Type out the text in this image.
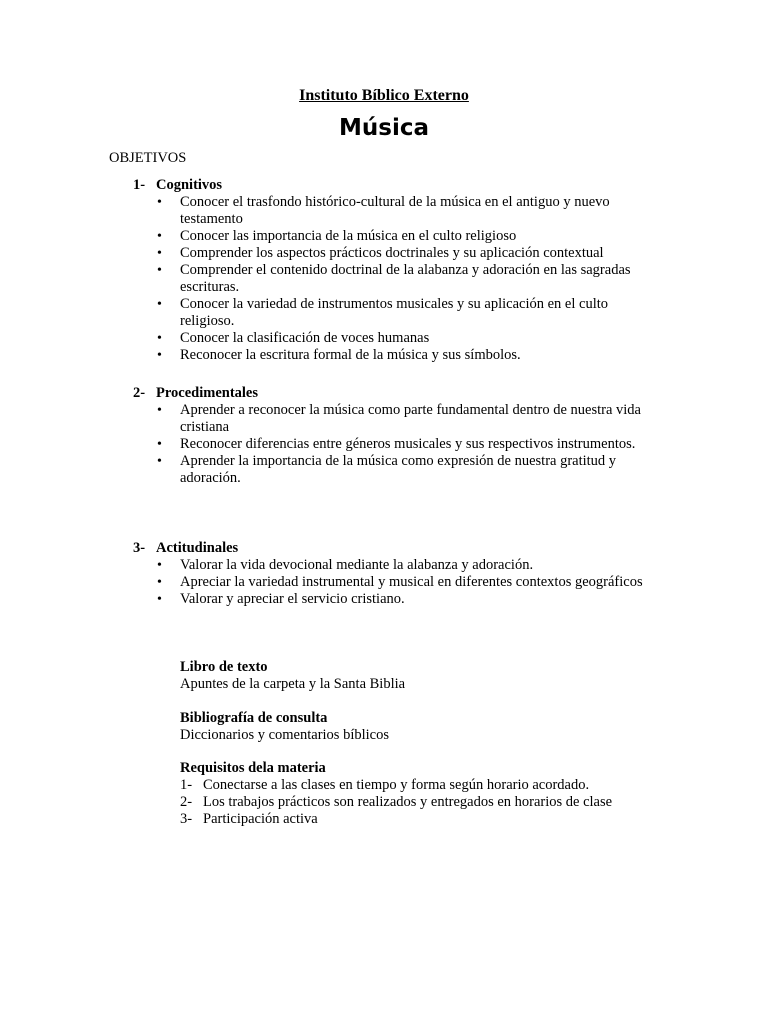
Instituto Bíblico Externo
Música
OBJETIVOS
1- Cognitivos
• Conocer el trasfondo histórico-cultural de la música en el antiguo y nuevo testamento
• Conocer las importancia de la música en el culto religioso
• Comprender los aspectos prácticos doctrinales y su aplicación contextual
• Comprender el contenido doctrinal de la alabanza y adoración en las sagradas escrituras.
• Conocer la variedad de instrumentos musicales y su aplicación en el culto religioso.
• Conocer la clasificación de voces humanas
• Reconocer la escritura formal de la música y sus símbolos.
2- Procedimentales
• Aprender a reconocer la música como parte fundamental dentro de nuestra vida cristiana
• Reconocer diferencias entre géneros musicales y sus respectivos instrumentos.
• Aprender la importancia de la música como expresión de nuestra gratitud y adoración.
3- Actitudinales
• Valorar la vida devocional mediante la alabanza y adoración.
• Apreciar la variedad instrumental y musical en diferentes contextos geográficos
• Valorar y apreciar el servicio cristiano.
Libro de texto
Apuntes de la carpeta y la Santa Biblia
Bibliografía de consulta
Diccionarios y comentarios bíblicos
Requisitos dela materia
1- Conectarse a las clases en tiempo y forma según horario acordado.
2- Los trabajos prácticos son realizados y entregados en horarios de clase
3- Participación activa
